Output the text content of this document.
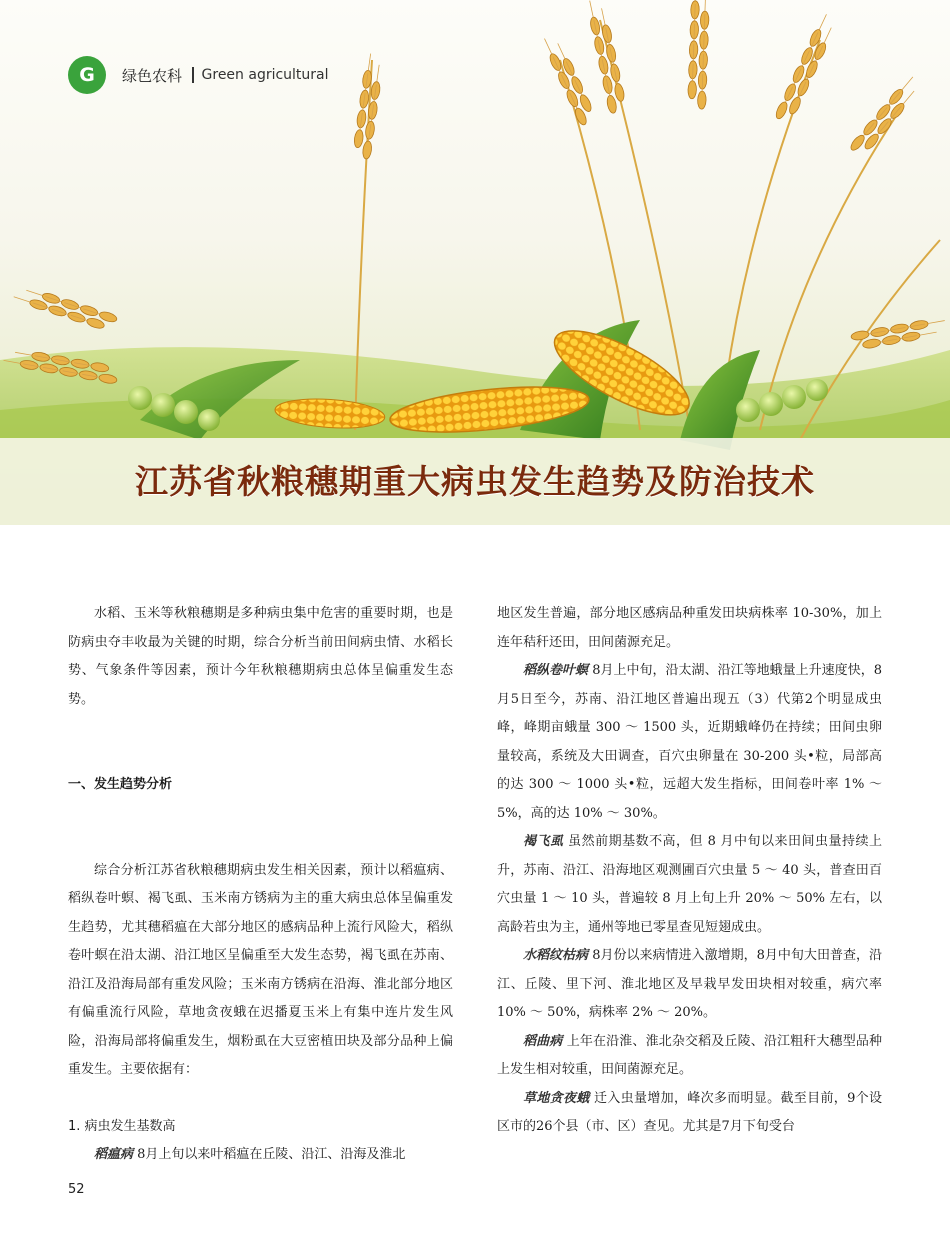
G	绿色农科 Green agricultural
江苏省秋粮穗期重大病虫发生趋势及防治技术

水稻、玉米等秋粮穗期是多种病虫集中危害的重要时期，也是防病虫夺丰收最为关键的时期，综合分析当前田间病虫情、水稻长势、气象条件等因素，预计今年秋粮穗期病虫总体呈偏重发生态势。

一、发生趋势分析

综合分析江苏省秋粮穗期病虫发生相关因素，预计以稻瘟病、稻纵卷叶螟、褐飞虱、玉米南方锈病为主的重大病虫总体呈偏重发生趋势，尤其穗稻瘟在大部分地区的感病品种上流行风险大，稻纵卷叶螟在沿太湖、沿江地区呈偏重至大发生态势，褐飞虱在苏南、沿江及沿海局部有重发风险；玉米南方锈病在沿海、淮北部分地区有偏重流行风险，草地贪夜蛾在迟播夏玉米上有集中连片发生风险，沿海局部将偏重发生，烟粉虱在大豆密植田块及部分品种上偏重发生。主要依据有：

1. 病虫发生基数高

稻瘟病 8月上旬以来叶稻瘟在丘陵、沿江、沿海及淮北

地区发生普遍，部分地区感病品种重发田块病株率 10-30%，加上连年秸秆还田，田间菌源充足。

稻纵卷叶螟 8月上中旬，沿太湖、沿江等地蛾量上升速度快，8月5日至今，苏南、沿江地区普遍出现五（3）代第2个明显成虫峰，峰期亩蛾量 300 ～ 1500 头，近期蛾峰仍在持续；田间虫卵量较高，系统及大田调查，百穴虫卵量在 30-200 头•粒，局部高的达 300 ～ 1000 头•粒，远超大发生指标，田间卷叶率 1% ～ 5%，高的达 10% ～ 30%。

褐飞虱 虽然前期基数不高，但 8 月中旬以来田间虫量持续上升，苏南、沿江、沿海地区观测圃百穴虫量 5 ～ 40 头，普查田百穴虫量 1 ～ 10 头，普遍较 8 月上旬上升 20% ～ 50% 左右，以高龄若虫为主，通州等地已零星查见短翅成虫。

水稻纹枯病 8月份以来病情进入激增期，8月中旬大田普查，沿江、丘陵、里下河、淮北地区及早栽早发田块相对较重，病穴率 10% ～ 50%，病株率 2% ～ 20%。

稻曲病 上年在沿淮、淮北杂交稻及丘陵、沿江粗秆大穗型品种上发生相对较重，田间菌源充足。

草地贪夜蛾 迁入虫量增加，峰次多而明显。截至目前，9个设区市的26个县（市、区）查见。尤其是7月下旬受台

52
